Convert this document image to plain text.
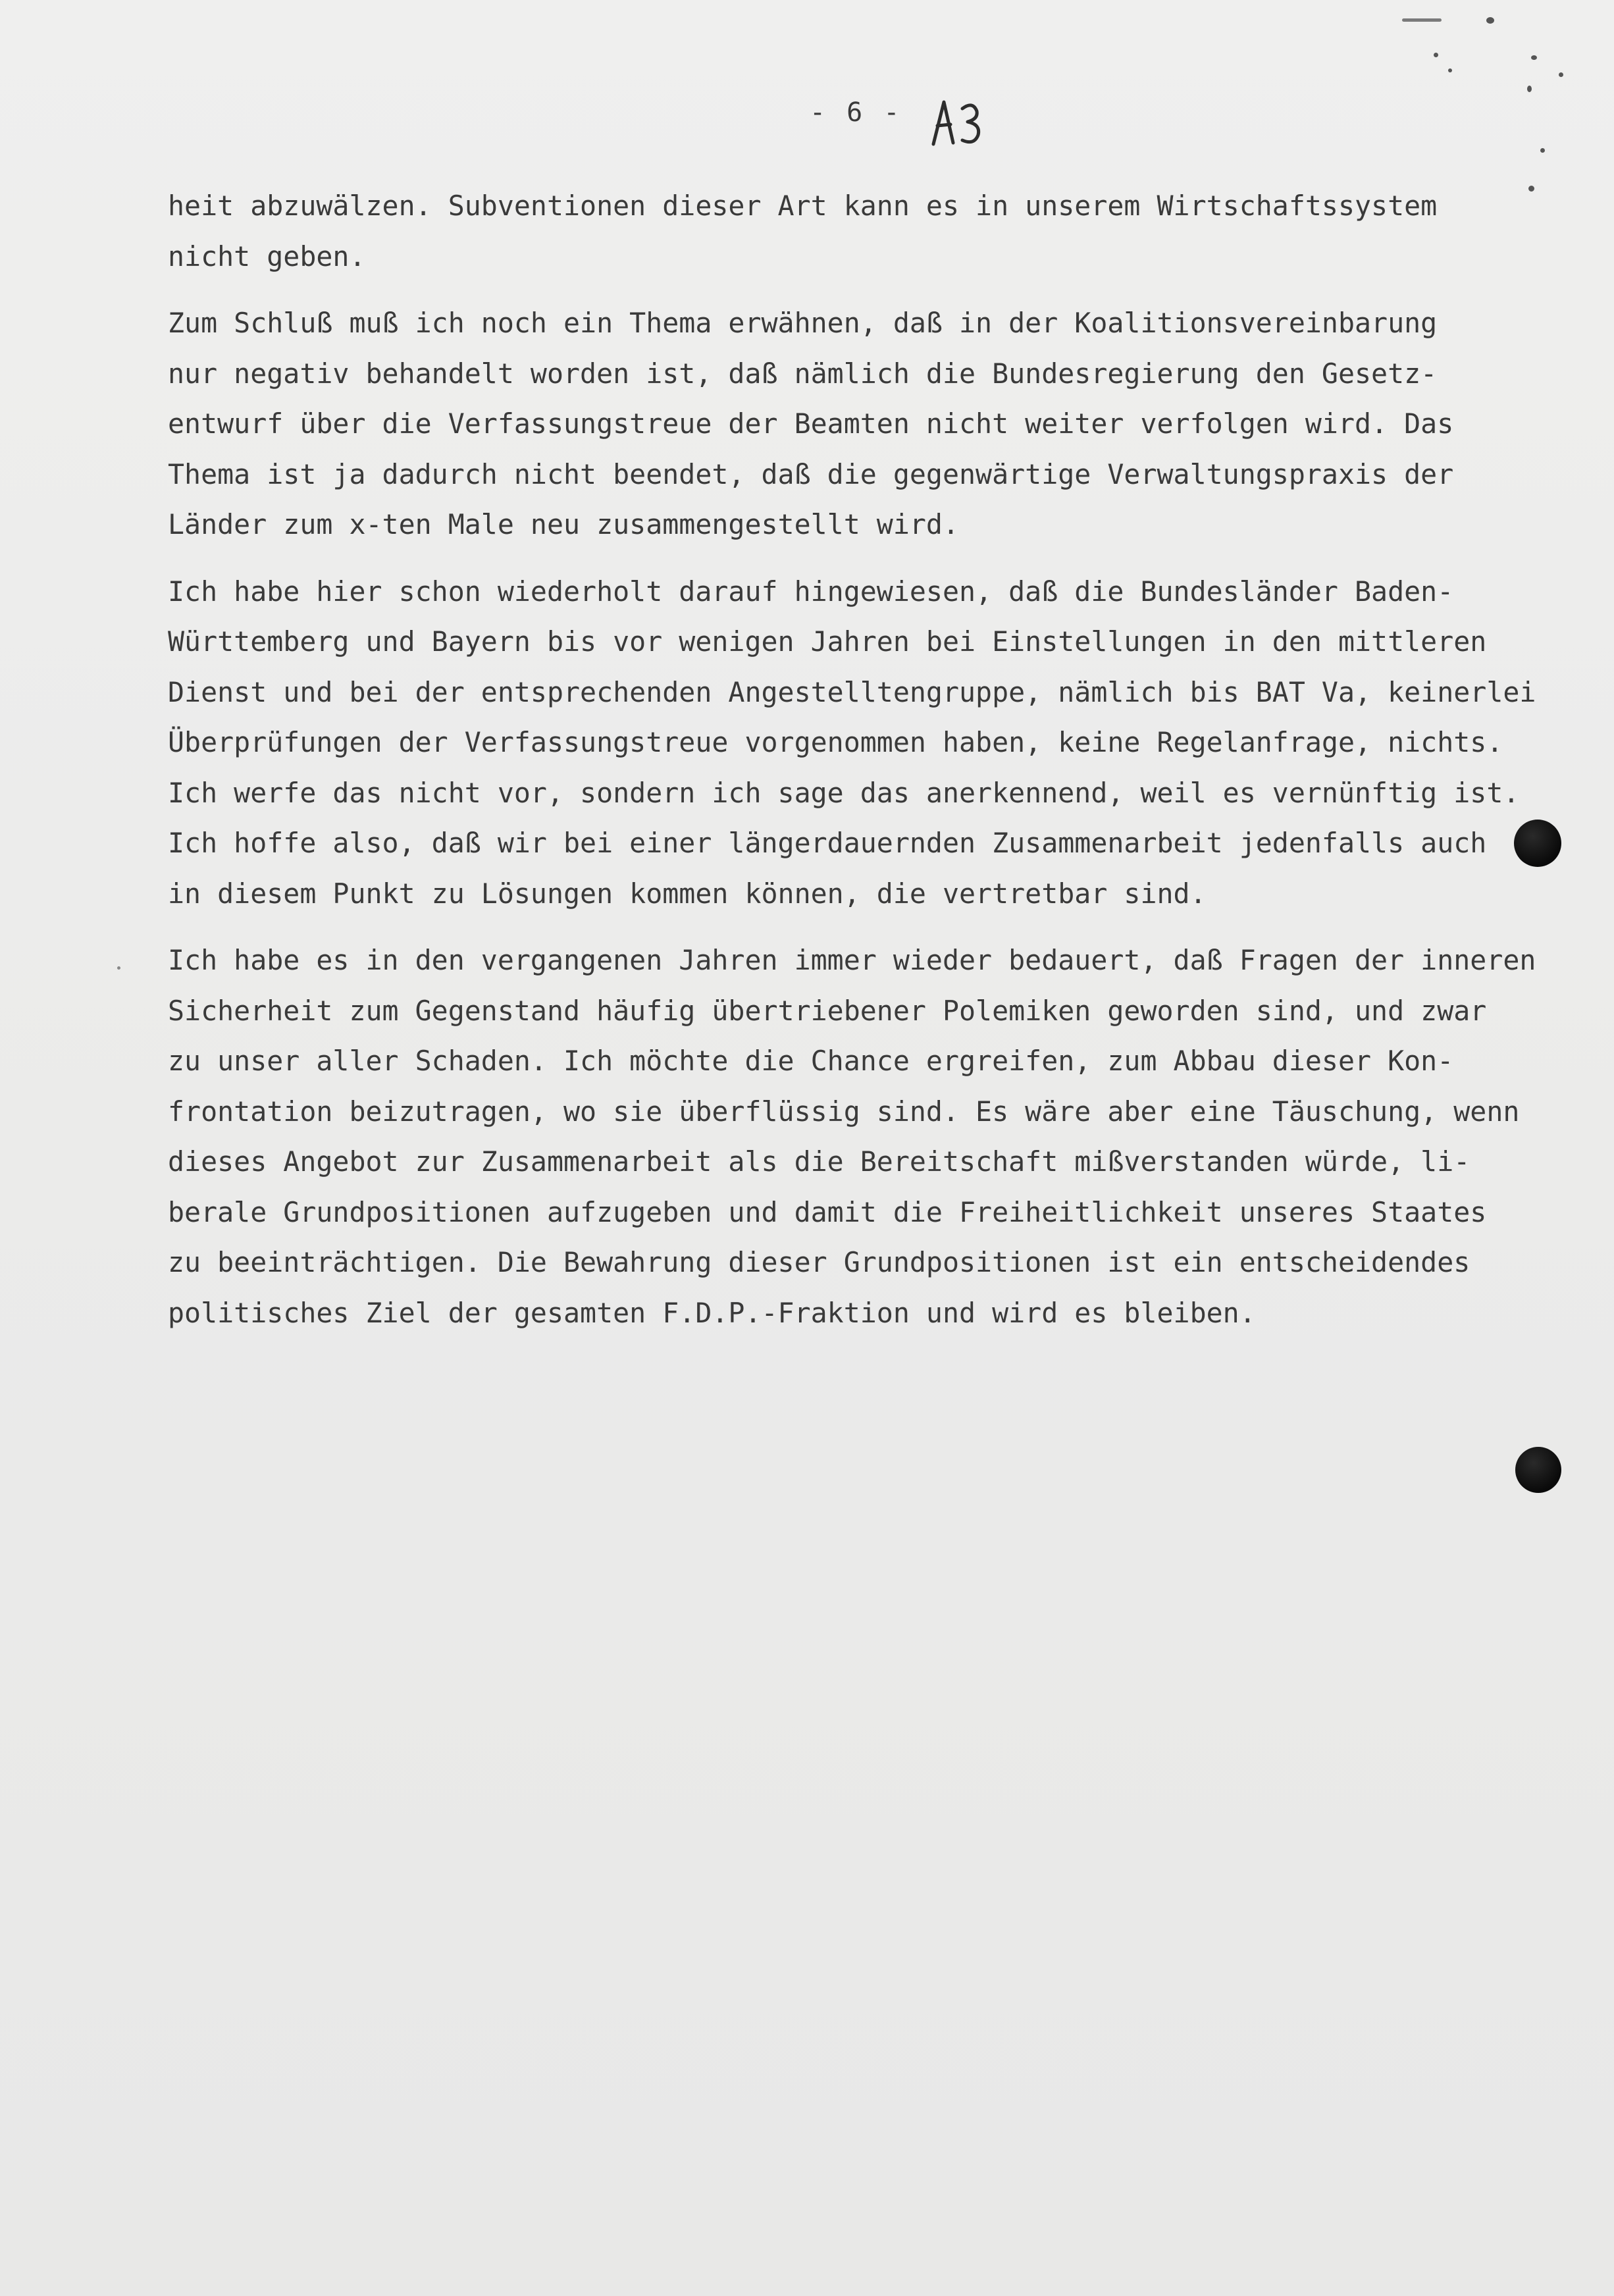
- 6 -

heit abzuwälzen. Subventionen dieser Art kann es in unserem Wirtschaftssystem
nicht geben.

Zum Schluß muß ich noch ein Thema erwähnen, daß in der Koalitionsvereinbarung
nur negativ behandelt worden ist, daß nämlich die Bundesregierung den Gesetz-
entwurf über die Verfassungstreue der Beamten nicht weiter verfolgen wird. Das
Thema ist ja dadurch nicht beendet, daß die gegenwärtige Verwaltungspraxis der
Länder zum x-ten Male neu zusammengestellt wird.

Ich habe hier schon wiederholt darauf hingewiesen, daß die Bundesländer Baden-
Württemberg und Bayern bis vor wenigen Jahren bei Einstellungen in den mittleren
Dienst und bei der entsprechenden Angestelltengruppe, nämlich bis BAT Va, keinerlei
Überprüfungen der Verfassungstreue vorgenommen haben, keine Regelanfrage, nichts.
Ich werfe das nicht vor, sondern ich sage das anerkennend, weil es vernünftig ist.
Ich hoffe also, daß wir bei einer längerdauernden Zusammenarbeit jedenfalls auch
in diesem Punkt zu Lösungen kommen können, die vertretbar sind.

Ich habe es in den vergangenen Jahren immer wieder bedauert, daß Fragen der inneren
Sicherheit zum Gegenstand häufig übertriebener Polemiken geworden sind, und zwar
zu unser aller Schaden. Ich möchte die Chance ergreifen, zum Abbau dieser Kon-
frontation beizutragen, wo sie überflüssig sind. Es wäre aber eine Täuschung, wenn
dieses Angebot zur Zusammenarbeit als die Bereitschaft mißverstanden würde, li-
berale Grundpositionen aufzugeben und damit die Freiheitlichkeit unseres Staates
zu beeinträchtigen. Die Bewahrung dieser Grundpositionen ist ein entscheidendes
politisches Ziel der gesamten F.D.P.-Fraktion und wird es bleiben.
